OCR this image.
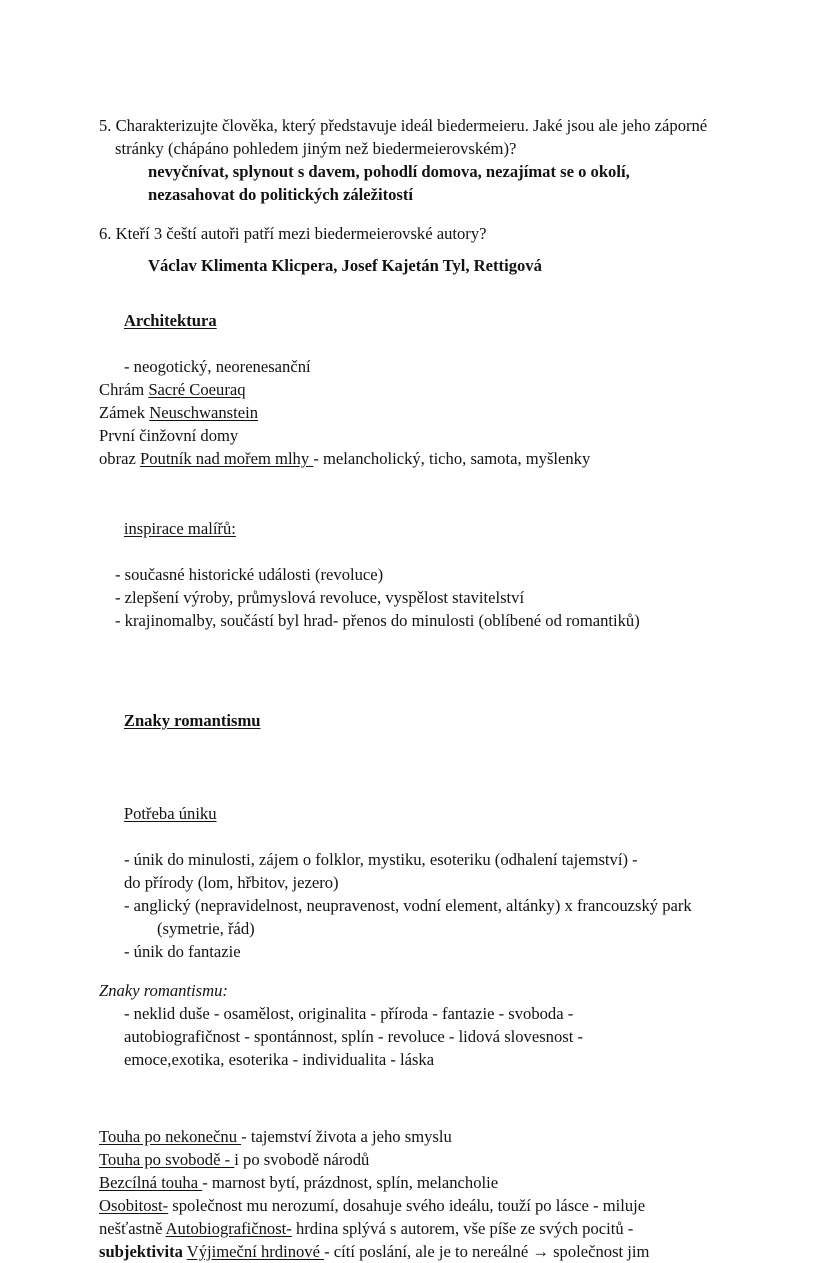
5. Charakterizujte člověka, který představuje ideál biedermeieru. Jaké jsou ale jeho záporné
stránky (chápáno pohledem jiným než biedermeierovském)?
nevyčnívat, splynout s davem, pohodlí domova, nezajímat se o okolí,
nezasahovat do politických záležitostí
6. Kteří 3 čeští autoři patří mezi biedermeierovské autory?
Václav Klimenta Klicpera, Josef Kajetán Tyl, Rettigová

Architektura

- neogotický, neorenesanční
Chrám Sacré Coeuraq
Zámek Neuschwanstein
První činžovní domy
obraz Poutník nad mořem mlhy - melancholický, ticho, samota, myšlenky

inspirace malířů:

- současné historické události (revoluce)
- zlepšení výroby, průmyslová revoluce, vyspělost stavitelství
- krajinomalby, součástí byl hrad- přenos do minulosti (oblíbené od romantiků)

Znaky romantismu

Potřeba úniku

- únik do minulosti, zájem o folklor, mystiku, esoteriku (odhalení tajemství) -
do přírody (lom, hřbitov, jezero)
- anglický (nepravidelnost, neupravenost, vodní element, altánky) x francouzský park
(symetrie, řád)
- únik do fantazie
Znaky romantismu:
- neklid duše - osamělost, originalita - příroda - fantazie - svoboda -
autobiografičnost - spontánnost, splín - revoluce - lidová slovesnost -
emoce,exotika, esoterika - individualita - láska
Touha po nekonečnu - tajemství života a jeho smyslu
Touha po svobodě - i po svobodě národů
Bezcílná touha - marnost bytí, prázdnost, splín, melancholie
Osobitost- společnost mu nerozumí, dosahuje svého ideálu, touží po lásce - miluje
nešťastně Autobiografičnost- hrdina splývá s autorem, vše píše ze svých pocitů -
subjektivita Výjimeční hrdinové - cítí poslání, ale je to nereálné → společnost jim
